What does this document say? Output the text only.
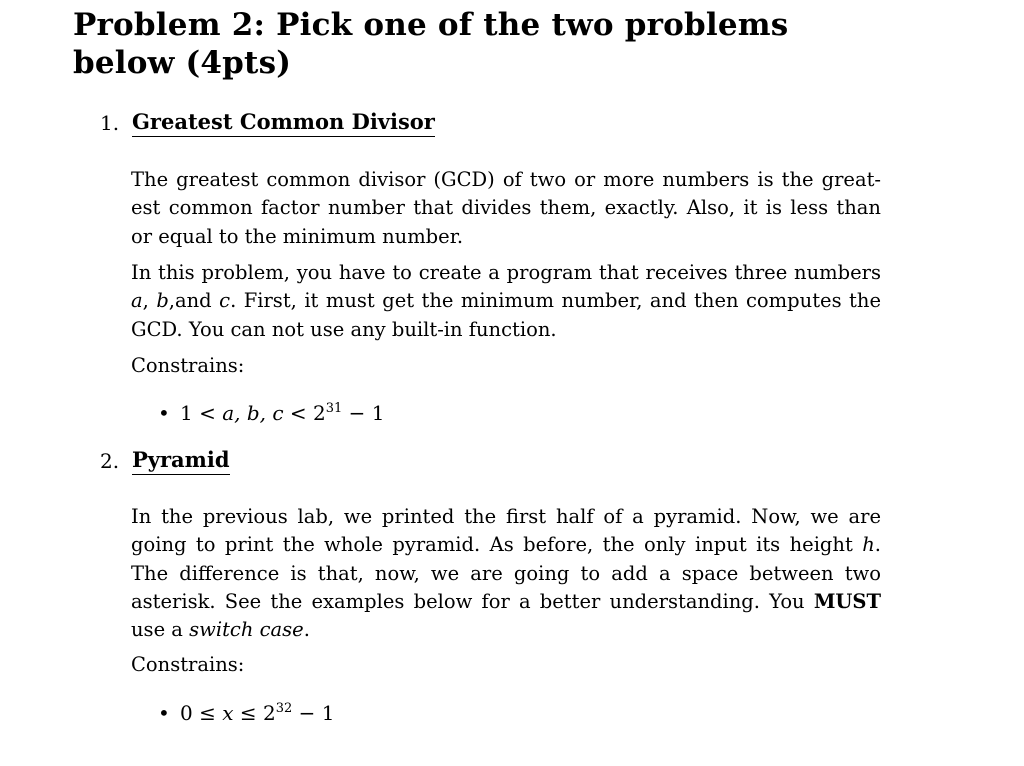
Problem 2: Pick one of the two problems below (4pts)
1. Greatest Common Divisor

The greatest common divisor (GCD) of two or more numbers is the great-est common factor number that divides them, exactly. Also, it is less than or equal to the minimum number.

In this problem, you have to create a program that receives three numbers a, b,and c. First, it must get the minimum number, and then computes the GCD. You can not use any built-in function.

Constrains:
• 1 < a, b, $c < 2^{31} - 1$
2. Pyramid

In the previous lab, we printed the first half of a pyramid. Now, we are going to print the whole pyramid. As before, the only input its height h. The difference is that, now, we are going to add a space between two asterisk. See the examples below for a better understanding. You MUST use a switch case.

Constrains:
• $0 \le x \le 2^{32} - 1$
